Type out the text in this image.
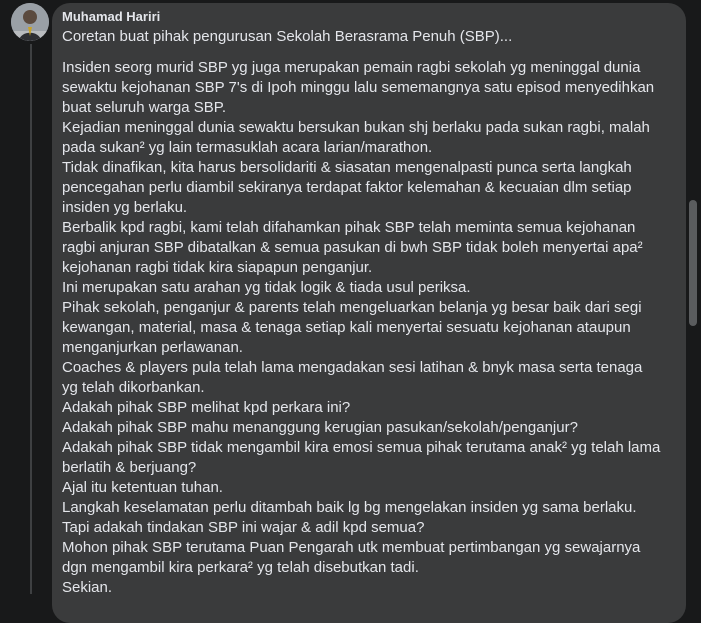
Muhamad Hariri

Coretan buat pihak pengurusan Sekolah Berasrama Penuh (SBP)...

Insiden seorg murid SBP yg juga merupakan pemain ragbi sekolah yg meninggal dunia sewaktu kejohanan SBP 7's di Ipoh minggu lalu sememangnya satu episod menyedihkan buat seluruh warga SBP.

Kejadian meninggal dunia sewaktu bersukan bukan shj berlaku pada sukan ragbi, malah pada sukan² yg lain termasuklah acara larian/marathon.

Tidak dinafikan, kita harus bersolidariti & siasatan mengenalpasti punca serta langkah pencegahan perlu diambil sekiranya terdapat faktor kelemahan & kecuaian dlm setiap insiden yg berlaku.

Berbalik kpd ragbi, kami telah difahamkan pihak SBP telah meminta semua kejohanan ragbi anjuran SBP dibatalkan & semua pasukan di bwh SBP tidak boleh menyertai apa² kejohanan ragbi tidak kira siapapun penganjur.

Ini merupakan satu arahan yg tidak logik & tiada usul periksa.

Pihak sekolah, penganjur & parents telah mengeluarkan belanja yg besar baik dari segi kewangan, material, masa & tenaga setiap kali menyertai sesuatu kejohanan ataupun menganjurkan perlawanan.

Coaches & players pula telah lama mengadakan sesi latihan & bnyk masa serta tenaga yg telah dikorbankan.

Adakah pihak SBP melihat kpd perkara ini?

Adakah pihak SBP mahu menanggung kerugian pasukan/sekolah/penganjur?

Adakah pihak SBP tidak mengambil kira emosi semua pihak terutama anak² yg telah lama berlatih & berjuang?

Ajal itu ketentuan tuhan.

Langkah keselamatan perlu ditambah baik lg bg mengelakan insiden yg sama berlaku.

Tapi adakah tindakan SBP ini wajar & adil kpd semua?

Mohon pihak SBP terutama Puan Pengarah utk membuat pertimbangan yg sewajarnya dgn mengambil kira perkara² yg telah disebutkan tadi.

Sekian.
